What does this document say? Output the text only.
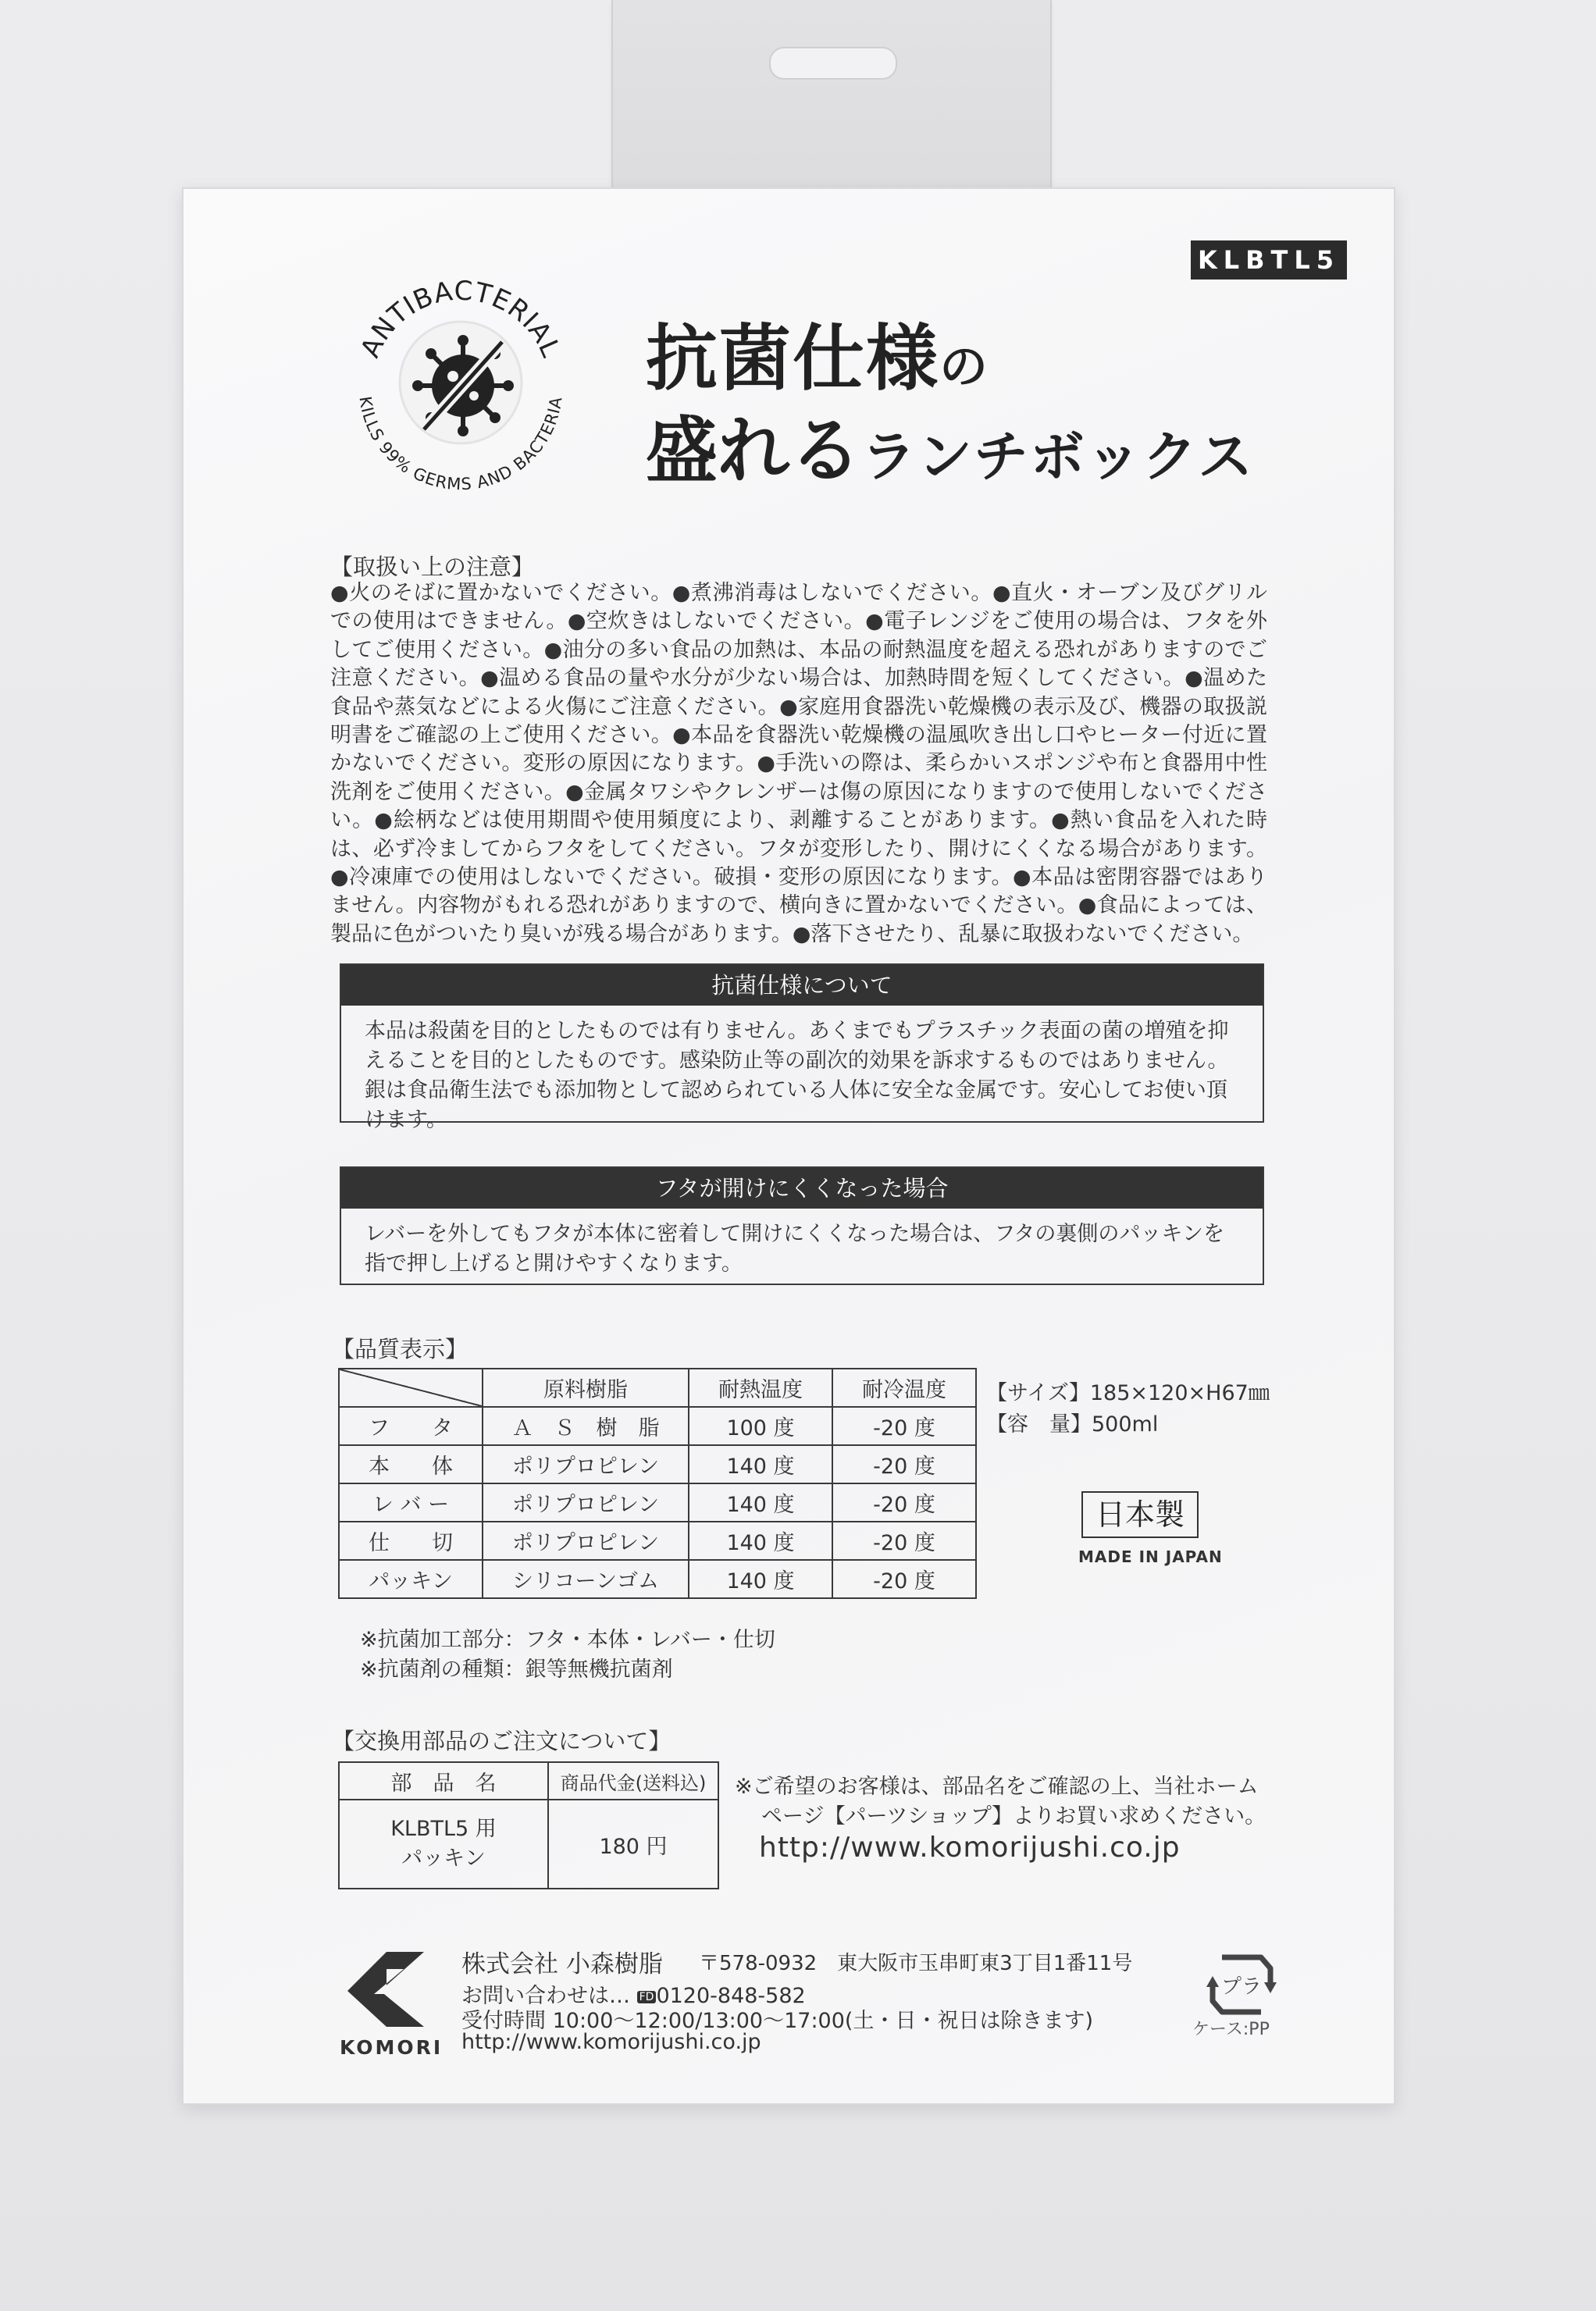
KLBTL5
ANTIBACTERIAL
KILLS 99% GERMS AND BACTERIA
抗菌仕様の
盛れるランチボックス
【取扱い上の注意】
●火のそばに置かないでください。●煮沸消毒はしないでください。●直火・オーブン及びグリルでの使用はできません。●空炊きはしないでください。●電子レンジをご使用の場合は、フタを外してご使用ください。●油分の多い食品の加熱は、本品の耐熱温度を超える恐れがありますのでご注意ください。●温める食品の量や水分が少ない場合は、加熱時間を短くしてください。●温めた食品や蒸気などによる火傷にご注意ください。●家庭用食器洗い乾燥機の表示及び、機器の取扱説明書をご確認の上ご使用ください。●本品を食器洗い乾燥機の温風吹き出し口やヒーター付近に置かないでください。変形の原因になります。●手洗いの際は、柔らかいスポンジや布と食器用中性洗剤をご使用ください。●金属タワシやクレンザーは傷の原因になりますので使用しないでください。●絵柄などは使用期間や使用頻度により、剥離することがあります。●熱い食品を入れた時は、必ず冷ましてからフタをしてください。フタが変形したり、開けにくくなる場合があります。●冷凍庫での使用はしないでください。破損・変形の原因になります。●本品は密閉容器ではありません。内容物がもれる恐れがありますので、横向きに置かないでください。●食品によっては、製品に色がついたり臭いが残る場合があります。●落下させたり、乱暴に取扱わないでください。
抗菌仕様について
本品は殺菌を目的としたものでは有りません。あくまでもプラスチック表面の菌の増殖を抑えることを目的としたものです。感染防止等の副次的効果を訴求するものではありません。銀は食品衛生法でも添加物として認められている人体に安全な金属です。安心してお使い頂けます。
フタが開けにくくなった場合
レバーを外してもフタが本体に密着して開けにくくなった場合は、フタの裏側のパッキンを指で押し上げると開けやすくなります。
【品質表示】
	原料樹脂	耐熱温度	耐冷温度
フ　　タ	Ａ　Ｓ　樹　脂	100 度	-20 度
本　　体	ポリプロピレン	140 度	-20 度
レ バ ー	ポリプロピレン	140 度	-20 度
仕　　切	ポリプロピレン	140 度	-20 度
パッキン	シリコーンゴム	140 度	-20 度
【サイズ】185×120×H67㎜
【容　量】500ml
日本製
MADE IN JAPAN
※抗菌加工部分：フタ・本体・レバー・仕切
※抗菌剤の種類：銀等無機抗菌剤
【交換用部品のご注文について】
部　品　名	商品代金(送料込)

KLBTL5 用
パッキン	180 円
※ご希望のお客様は、部品名をご確認の上、当社ホーム
ページ【パーツショップ】よりお買い求めください。
http://www.komorijushi.co.jp
KOMORI
株式会社 小森樹脂 〒578-0932　東大阪市玉串町東3丁目1番11号
お問い合わせは… FD 0120-848-582
受付時間 10:00〜12:00/13:00〜17:00(土・日・祝日は除きます)
http://www.komorijushi.co.jp
プラ
ケース:PP
